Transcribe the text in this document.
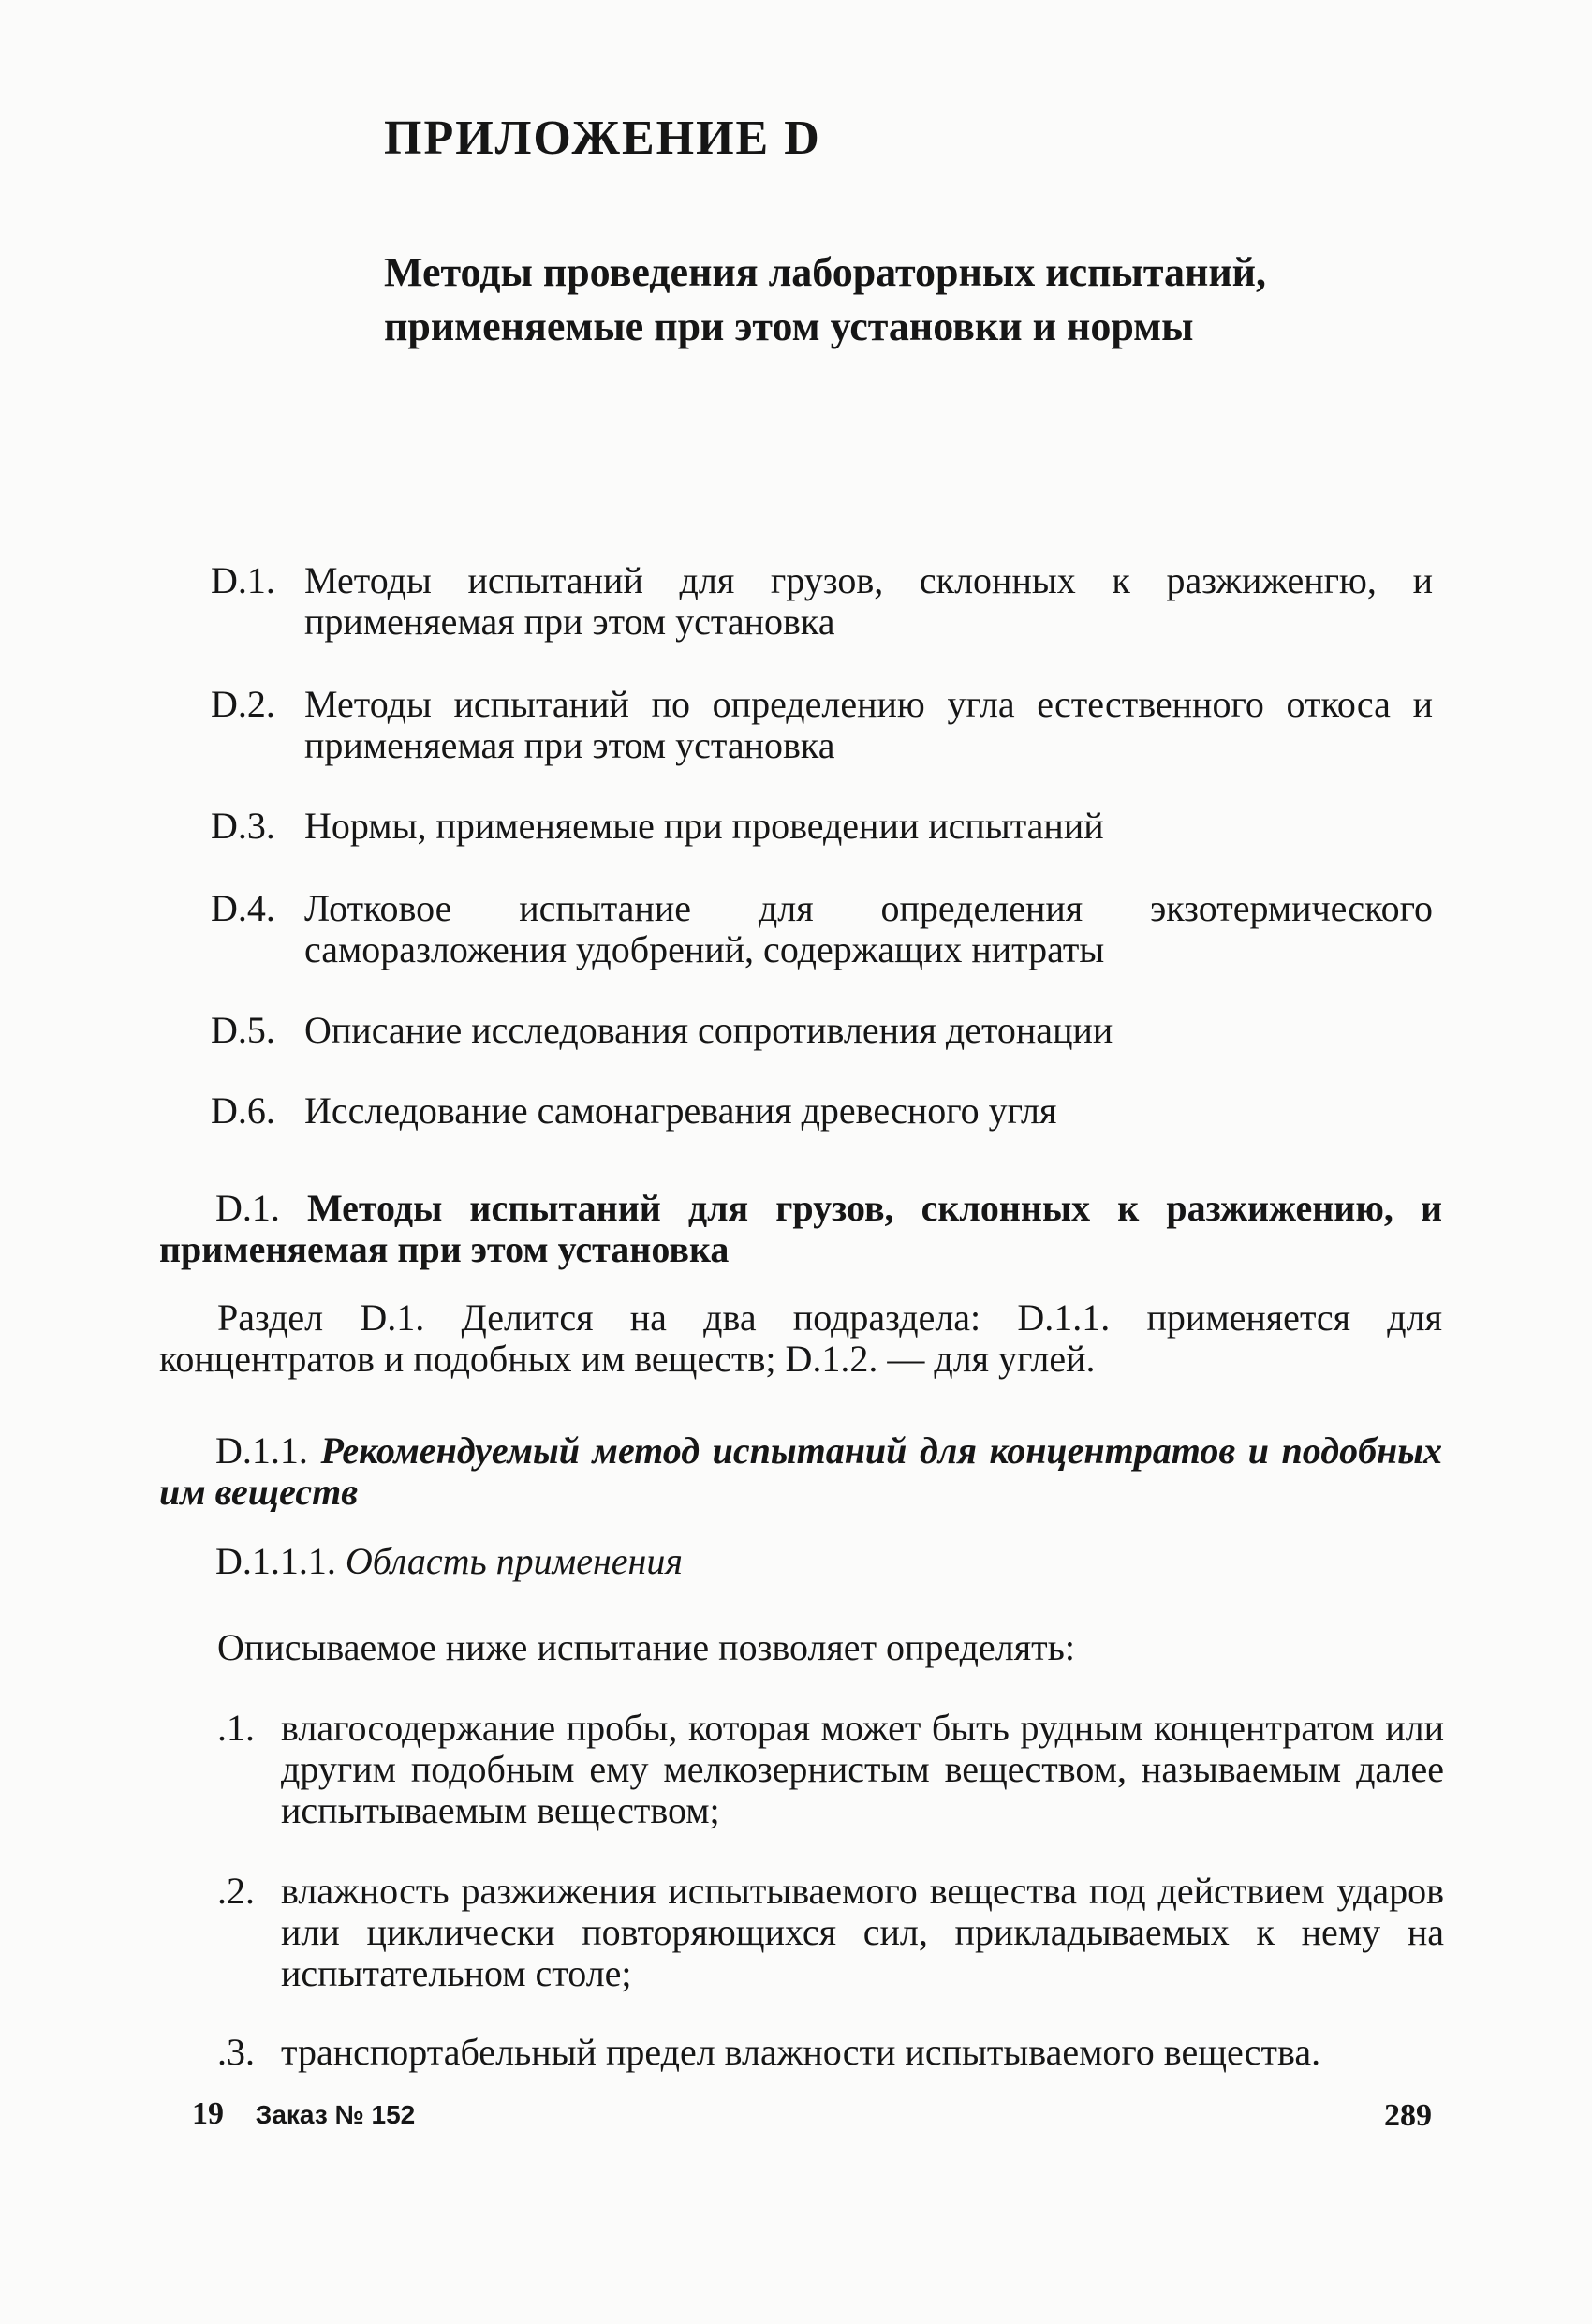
ПРИЛОЖЕНИЕ D
Методы проведения лабораторных испытаний, применяемые при этом установки и нормы
D.1. Методы испытаний для грузов, склонных к разжиженгю, и применяемая при этом установка
D.2. Методы испытаний по определению угла естественного откоса и применяемая при этом установка
D.3. Нормы, применяемые при проведении испытаний
D.4. Лотковое испытание для определения экзотермического саморазложения удобрений, содержащих нитраты
D.5. Описание исследования сопротивления детонации
D.6. Исследование самонагревания древесного угля
D.1. Методы испытаний для грузов, склонных к разжижению, и применяемая при этом установка
Раздел D.1. Делится на два подраздела: D.1.1. применяется для концентратов и подобных им веществ; D.1.2. — для углей.
D.1.1. Рекомендуемый метод испытаний для концентратов и подобных им веществ
D.1.1.1. Область применения
Описываемое ниже испытание позволяет определять:
.1. влагосодержание пробы, которая может быть рудным концентратом или другим подобным ему мелкозернистым веществом, называемым далее испытываемым веществом;
.2. влажность разжижения испытываемого вещества под действием ударов или циклически повторяющихся сил, прикладываемых к нему на испытательном столе;
.3. транспортабельный предел влажности испытываемого вещества.
19 Заказ № 152	289
